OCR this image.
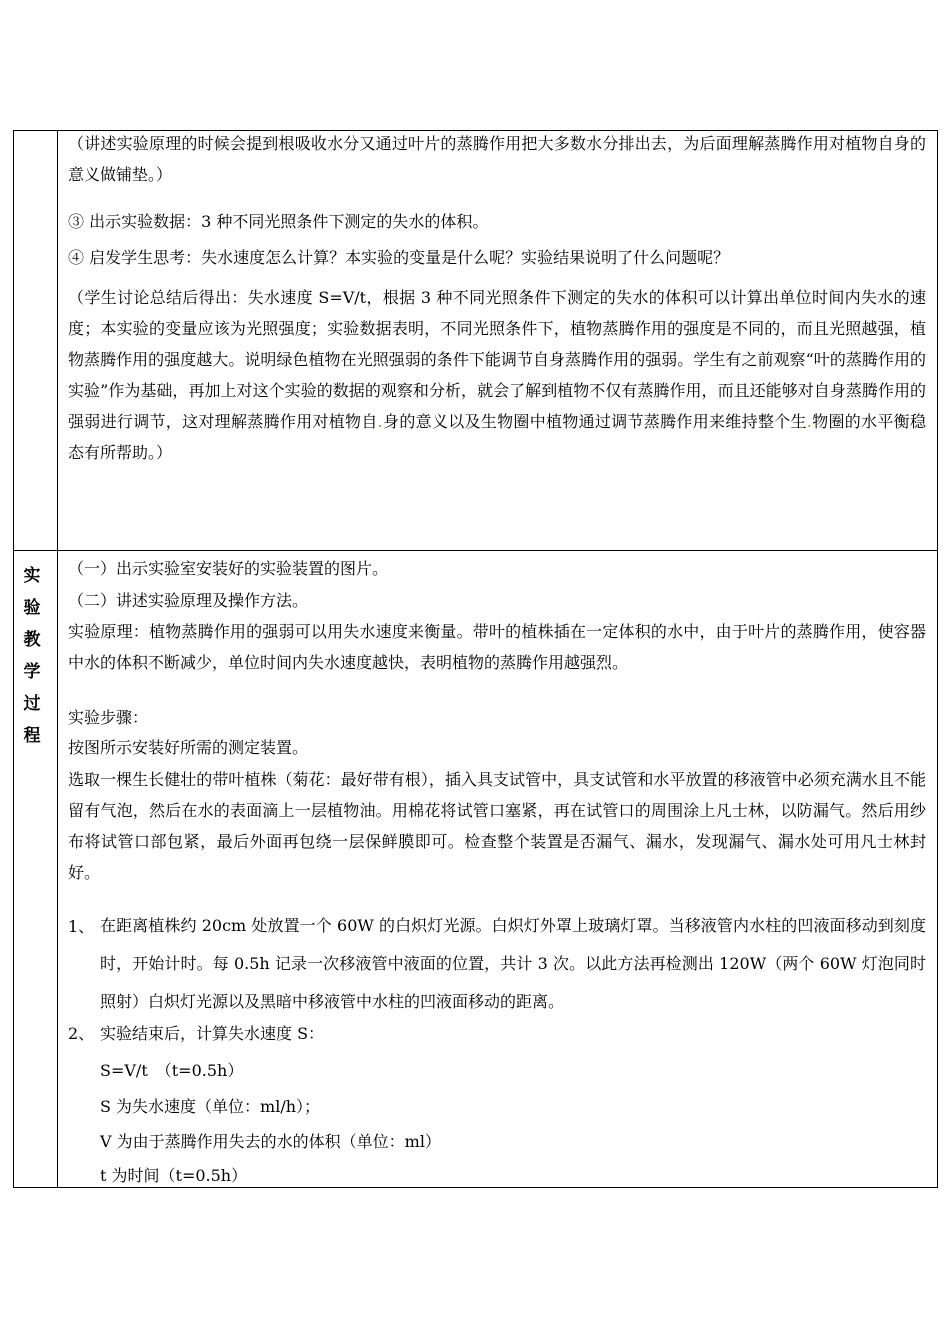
（讲述实验原理的时候会提到根吸收水分又通过叶片的蒸腾作用把大多数水分排出去，为后面理解蒸腾作用对植物自身的意义做铺垫。）
③ 出示实验数据：3 种不同光照条件下测定的失水的体积。
④ 启发学生思考：失水速度怎么计算？本实验的变量是什么呢？实验结果说明了什么问题呢？
（学生讨论总结后得出：失水速度 S=V/t，根据 3 种不同光照条件下测定的失水的体积可以计算出单位时间内失水的速度；本实验的变量应该为光照强度；实验数据表明，不同光照条件下，植物蒸腾作用的强度是不同的，而且光照越强，植物蒸腾作用的强度越大。说明绿色植物在光照强弱的条件下能调节自身蒸腾作用的强弱。学生有之前观察“叶的蒸腾作用的实验”作为基础，再加上对这个实验的数据的观察和分析，就会了解到植物不仅有蒸腾作用，而且还能够对自身蒸腾作用的强弱进行调节，这对理解蒸腾作用对植物自.身的意义以及生物圈中植物通过调节蒸腾作用来维持整个生.物圈的水平衡稳态有所帮助。）
实
验
教
学
过
程
（一）出示实验室安装好的实验装置的图片。
（二）讲述实验原理及操作方法。
实验原理：植物蒸腾作用的强弱可以用失水速度来衡量。带叶的植株插在一定体积的水中，由于叶片的蒸腾作用，使容器中水的体积不断减少，单位时间内失水速度越快，表明植物的蒸腾作用越强烈。
实验步骤：
按图所示安装好所需的测定装置。
选取一棵生长健壮的带叶植株（菊花：最好带有根），插入具支试管中，具支试管和水平放置的移液管中必须充满水且不能留有气泡，然后在水的表面滴上一层植物油。用棉花将试管口塞紧，再在试管口的周围涂上凡士林，以防漏气。然后用纱布将试管口部包紧，最后外面再包绕一层保鲜膜即可。检查整个装置是否漏气、漏水，发现漏气、漏水处可用凡士林封好。
1、 在距离植株约 20cm 处放置一个 60W 的白炽灯光源。白炽灯外罩上玻璃灯罩。当移液管内水柱的凹液面移动到刻度时，开始计时。每 0.5h 记录一次移液管中液面的位置，共计 3 次。以此方法再检测出 120W（两个 60W 灯泡同时照射）白炽灯光源以及黑暗中移液管中水柱的凹液面移动的距离。
2、 实验结束后，计算失水速度 S：
S=V/t　（t=0.5h）
S 为失水速度（单位：ml/h）；
V 为由于蒸腾作用失去的水的体积（单位：ml）
t 为时间（t=0.5h）
